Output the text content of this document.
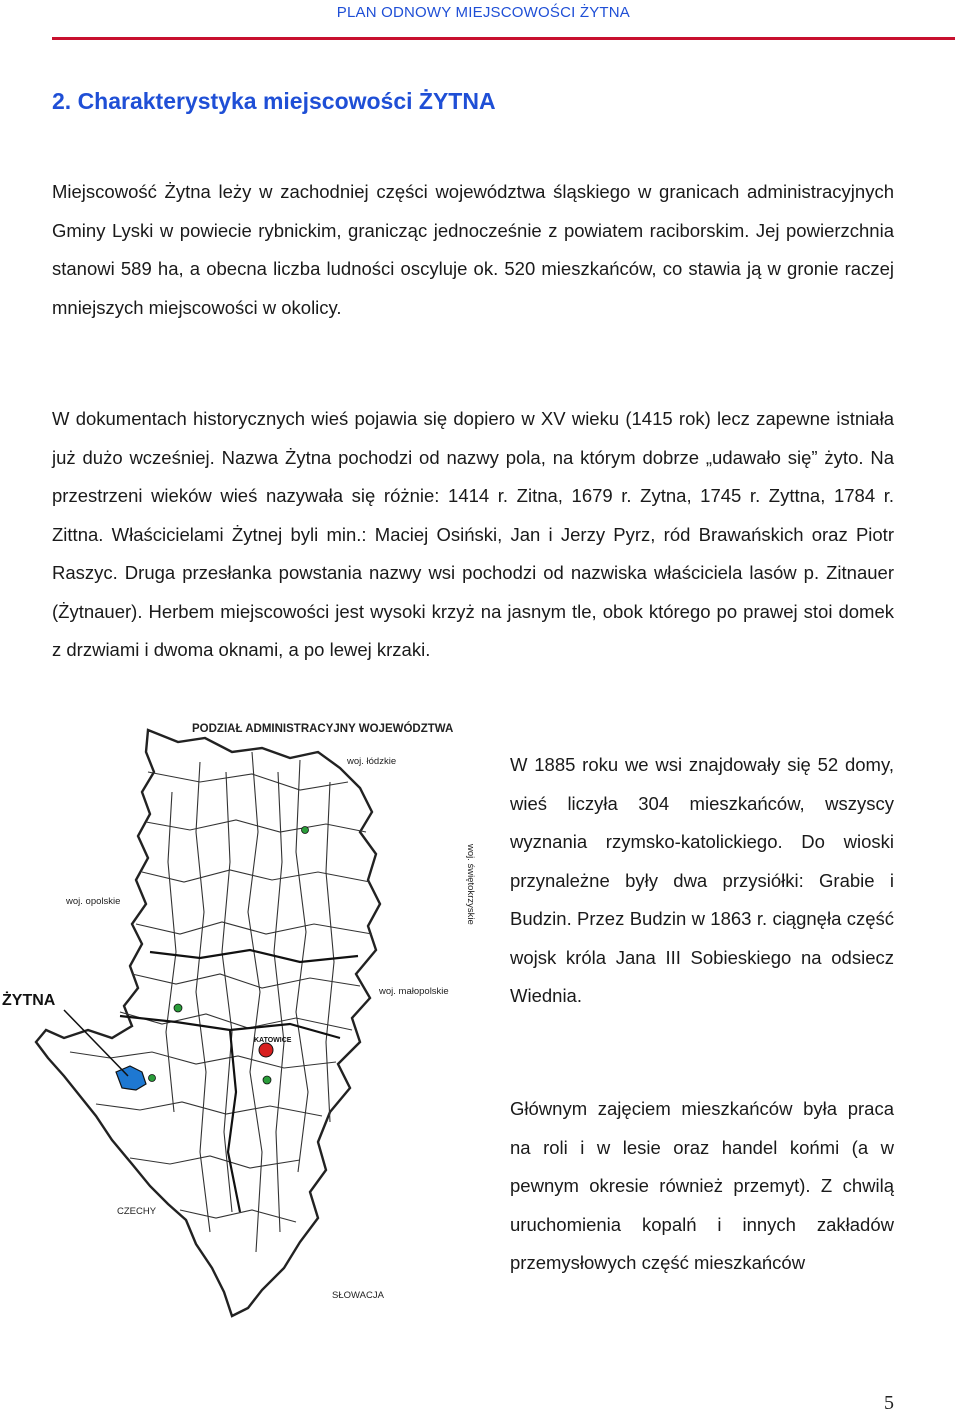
PLAN ODNOWY MIEJSCOWOŚCI ŻYTNA
2. Charakterystyka miejscowości ŻYTNA

Miejscowość Żytna leży w zachodniej części województwa śląskiego w granicach administracyjnych Gminy Lyski w powiecie rybnickim, granicząc jednocześnie z powiatem raciborskim. Jej powierzchnia stanowi 589 ha, a obecna liczba ludności oscyluje ok. 520 mieszkańców, co stawia ją w gronie raczej mniejszych miejscowości w okolicy.

W dokumentach historycznych wieś pojawia się dopiero w XV wieku (1415 rok) lecz zapewne istniała już dużo wcześniej. Nazwa Żytna pochodzi od nazwy pola, na którym dobrze „udawało się” żyto. Na przestrzeni wieków wieś nazywała się różnie: 1414 r. Zitna, 1679 r. Zytna, 1745 r. Zyttna, 1784 r. Zittna. Właścicielami Żytnej byli min.: Maciej Osiński, Jan i Jerzy Pyrz, ród Brawańskich oraz Piotr Raszyc. Druga przesłanka powstania nazwy wsi pochodzi od nazwiska właściciela lasów p. Zitnauer (Żytnauer). Herbem miejscowości jest wysoki krzyż na jasnym tle, obok którego po prawej stoi domek z drzwiami i dwoma oknami, a po lewej krzaki.

PODZIAŁ ADMINISTRACYJNY WOJEWÓDZTWA
woj. łódzkie
woj. opolskie	woj. świętokrzyskie
woj. małopolskie
KATOWICE
CZECHY
SŁOWACJA
ŻYTNA

W 1885 roku we wsi znajdowały się 52 domy, wieś liczyła 304 mieszkańców, wszyscy wyznania rzymsko-katolickiego. Do wioski przynależne były dwa przysiółki: Grabie i Budzin. Przez Budzin w 1863 r. ciągnęła część wojsk króla Jana III Sobieskiego na odsiecz Wiednia.

Głównym zajęciem mieszkańców była praca na roli i w lesie oraz handel końmi (a w pewnym okresie również przemyt). Z chwilą uruchomienia kopalń i innych zakładów przemysłowych część mieszkańców

5
